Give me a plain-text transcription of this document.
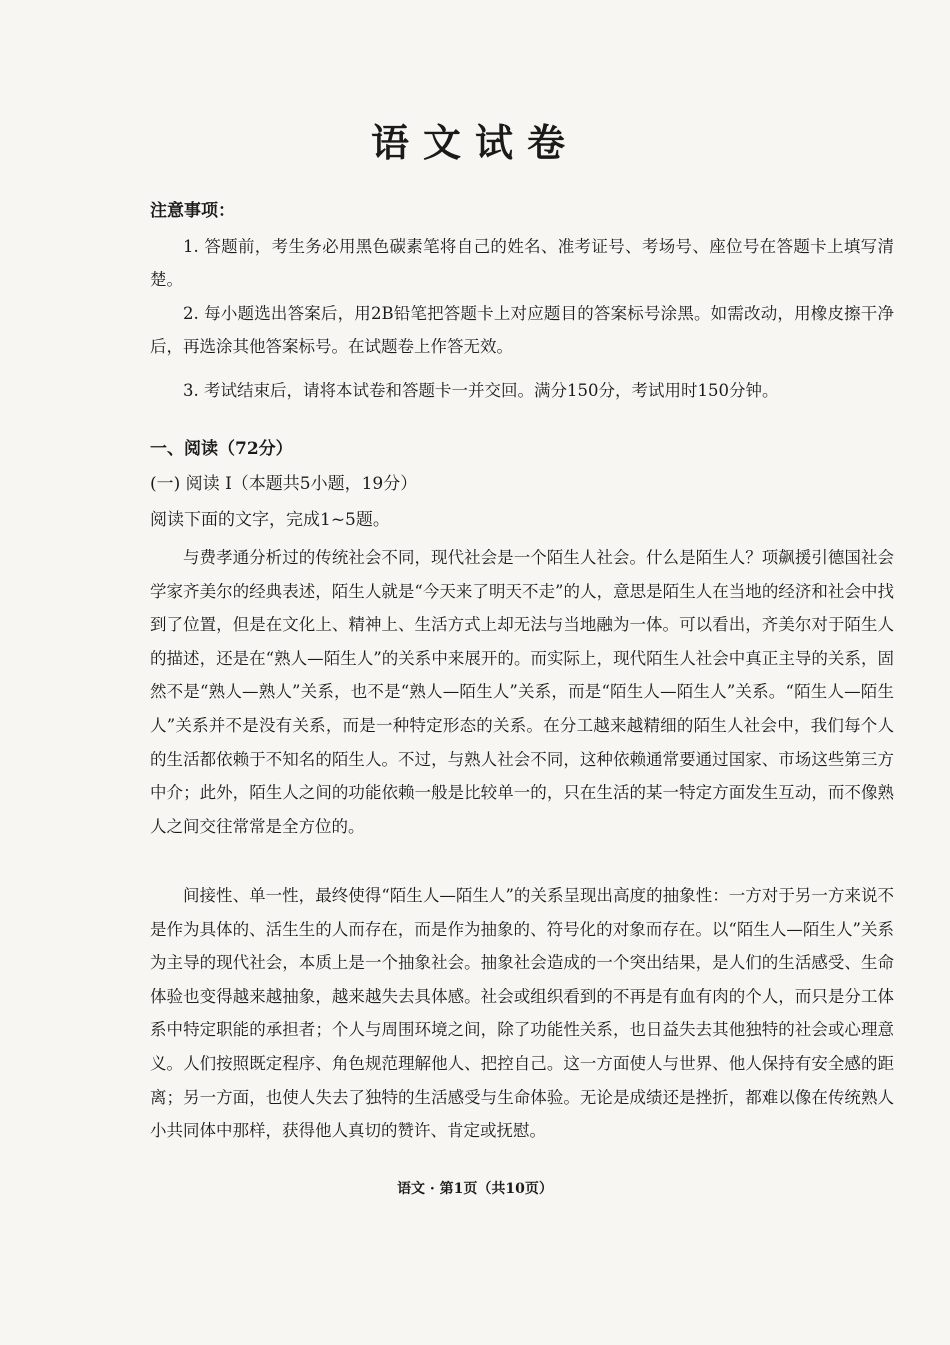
语文试卷
注意事项：

1. 答题前，考生务必用黑色碳素笔将自己的姓名、准考证号、考场号、座位号在答题卡上填写清楚。

2. 每小题选出答案后，用2B铅笔把答题卡上对应题目的答案标号涂黑。如需改动，用橡皮擦干净后，再选涂其他答案标号。在试题卷上作答无效。

3. 考试结束后，请将本试卷和答题卡一并交回。满分150分，考试用时150分钟。

一、阅读（72分）

(一) 阅读 I（本题共5小题，19分）

阅读下面的文字，完成1~5题。

与费孝通分析过的传统社会不同，现代社会是一个陌生人社会。什么是陌生人？项飙援引德国社会学家齐美尔的经典表述，陌生人就是“今天来了明天不走”的人，意思是陌生人在当地的经济和社会中找到了位置，但是在文化上、精神上、生活方式上却无法与当地融为一体。可以看出，齐美尔对于陌生人的描述，还是在“熟人—陌生人”的关系中来展开的。而实际上，现代陌生人社会中真正主导的关系，固然不是“熟人—熟人”关系，也不是“熟人—陌生人”关系，而是“陌生人—陌生人”关系。“陌生人—陌生人”关系并不是没有关系，而是一种特定形态的关系。在分工越来越精细的陌生人社会中，我们每个人的生活都依赖于不知名的陌生人。不过，与熟人社会不同，这种依赖通常要通过国家、市场这些第三方中介；此外，陌生人之间的功能依赖一般是比较单一的，只在生活的某一特定方面发生互动，而不像熟人之间交往常常是全方位的。

间接性、单一性，最终使得“陌生人—陌生人”的关系呈现出高度的抽象性：一方对于另一方来说不是作为具体的、活生生的人而存在，而是作为抽象的、符号化的对象而存在。以“陌生人—陌生人”关系为主导的现代社会，本质上是一个抽象社会。抽象社会造成的一个突出结果，是人们的生活感受、生命体验也变得越来越抽象，越来越失去具体感。社会或组织看到的不再是有血有肉的个人，而只是分工体系中特定职能的承担者；个人与周围环境之间，除了功能性关系，也日益失去其他独特的社会或心理意义。人们按照既定程序、角色规范理解他人、把控自己。这一方面使人与世界、他人保持有安全感的距离；另一方面，也使人失去了独特的生活感受与生命体验。无论是成绩还是挫折，都难以像在传统熟人小共同体中那样，获得他人真切的赞许、肯定或抚慰。

语文 · 第1页（共10页）
